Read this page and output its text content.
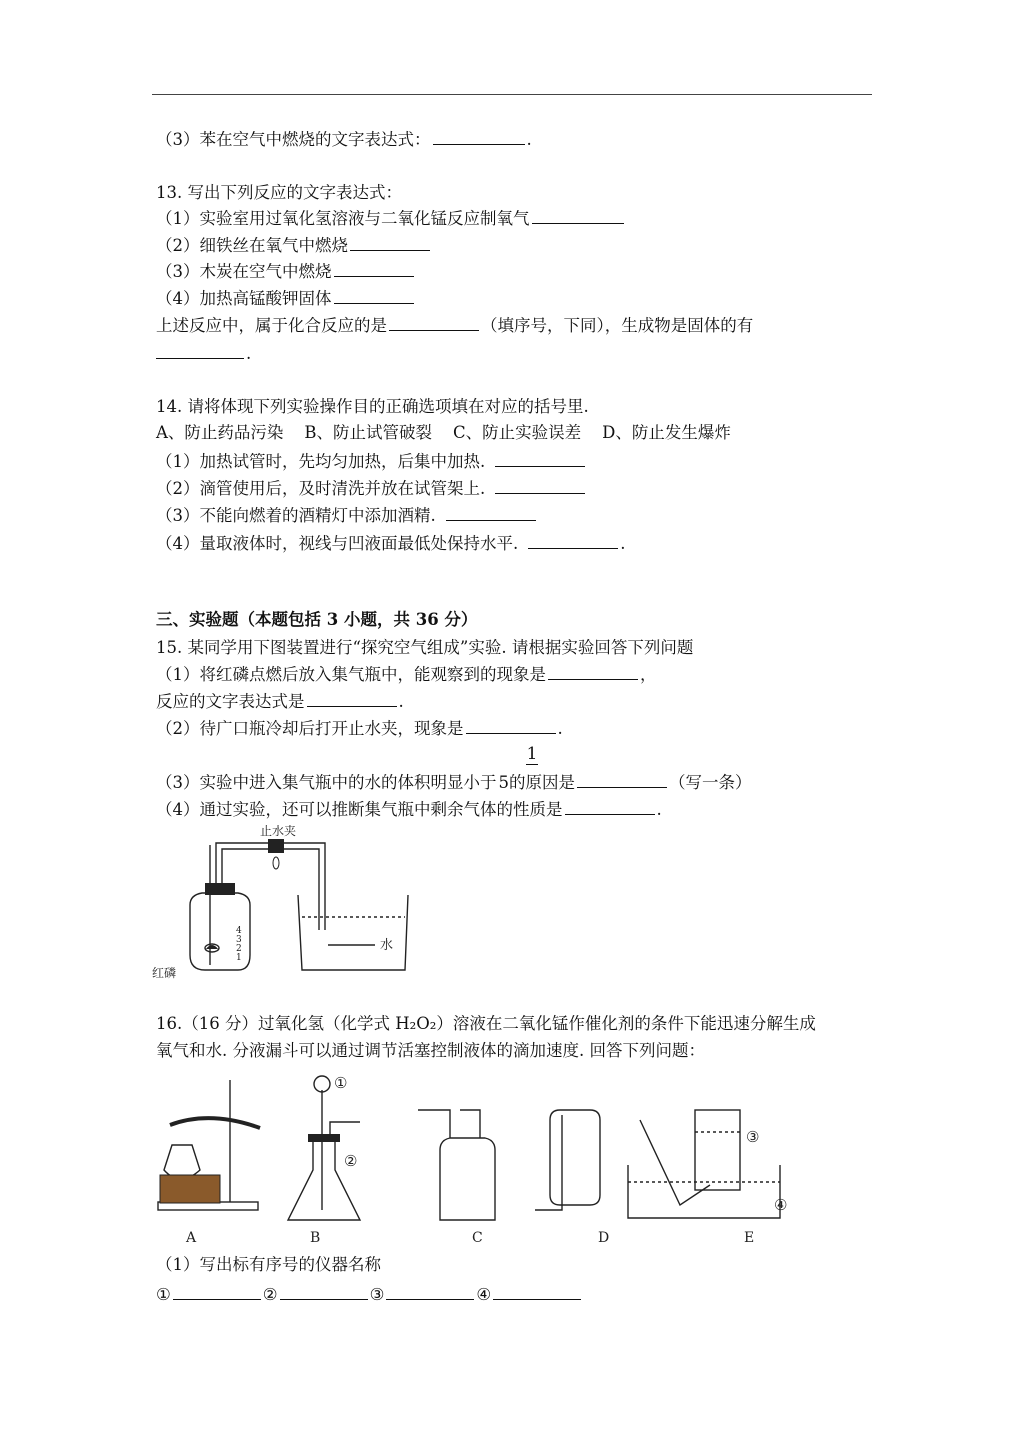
（3）苯在空气中燃烧的文字表达式：	.
13. 写出下列反应的文字表达式：
（1）实验室用过氧化氢溶液与二氧化锰反应制氧气
（2）细铁丝在氧气中燃烧
（3）木炭在空气中燃烧
（4）加热高锰酸钾固体
上述反应中，属于化合反应的是	（填序号，下同），生成物是固体的有
.
14. 请将体现下列实验操作目的正确选项填在对应的括号里.
A、防止药品污染    B、防止试管破裂    C、防止实验误差    D、防止发生爆炸
（1）加热试管时，先均匀加热，后集中加热.
（2）滴管使用后，及时清洗并放在试管架上.
（3）不能向燃着的酒精灯中添加酒精.
（4）量取液体时，视线与凹液面最低处保持水平.	.
三、实验题（本题包括 3 小题，共 36 分）
15. 某同学用下图装置进行“探究空气组成”实验. 请根据实验回答下列问题
（1）将红磷点燃后放入集气瓶中，能观察到的现象是	，
反应的文字表达式是	.
（2）待广口瓶冷却后打开止水夹，现象是	.
1
（3）实验中进入集气瓶中的水的体积明显小于 5的原因是	（写一条）
（4）通过实验，还可以推断集气瓶中剩余气体的性质是	.
4
3
2
1
止水夹
水
红磷
16.（16 分）过氧化氢（化学式 H₂O₂）溶液在二氧化锰作催化剂的条件下能迅速分解生成
氧气和水. 分液漏斗可以通过调节活塞控制液体的滴加速度. 回答下列问题：
①
②
③
④
A	B	C	D	E
（1）写出标有序号的仪器名称
①	②	③	④
